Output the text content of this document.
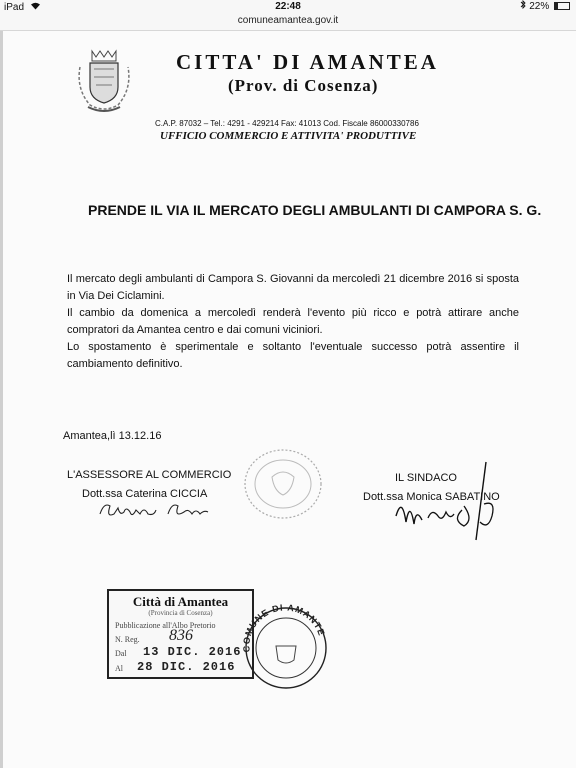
iPad	22:48	22%
comuneamantea.gov.it
CITTA' DI AMANTEA
(Prov. di Cosenza)
C.A.P. 87032 – Tel.: 4291 - 429214 Fax: 41013 Cod. Fiscale 86000330786
UFFICIO COMMERCIO E ATTIVITA' PRODUTTIVE
PRENDE IL VIA IL MERCATO DEGLI AMBULANTI DI CAMPORA S. G.

Il mercato degli ambulanti di Campora S. Giovanni da mercoledì 21 dicembre 2016 si sposta in Via Dei Ciclamini.

Il cambio da domenica a mercoledì renderà l'evento più ricco e potrà attirare anche compratori da Amantea centro e dai comuni viciniori.

Lo spostamento è sperimentale e soltanto l'eventuale successo potrà assentire il cambiamento definitivo.

Amantea,lì 13.12.16
L'ASSESSORE AL COMMERCIO
Dott.ssa Caterina CICCIA
IL SINDACO
Dott.ssa Monica SABATINO
Città di Amantea
(Provincia di Cosenza)
Pubblicazione all'Albo Pretorio
N. Reg. 836
Dal 13 DIC. 2016
Al 28 DIC. 2016
COMUNE DI AMANTE
